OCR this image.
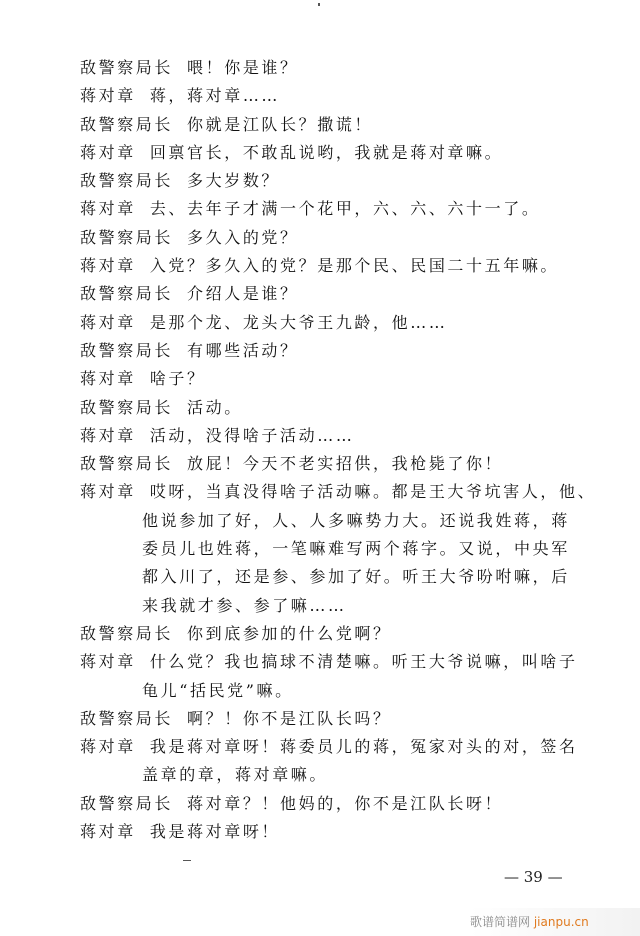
敌警察局长 喂！你是谁？
蒋对章 蒋，蒋对章……
敌警察局长 你就是江队长？撒谎！
蒋对章 回禀官长，不敢乱说哟，我就是蒋对章嘛。
敌警察局长 多大岁数？
蒋对章 去、去年子才满一个花甲，六、六、六十一了。
敌警察局长 多久入的党？
蒋对章 入党？多久入的党？是那个民、民国二十五年嘛。
敌警察局长 介绍人是谁？
蒋对章 是那个龙、龙头大爷王九龄，他……
敌警察局长 有哪些活动？
蒋对章 啥子？
敌警察局长 活动。
蒋对章 活动，没得啥子活动……
敌警察局长 放屁！今天不老实招供，我枪毙了你！
蒋对章 哎呀，当真没得啥子活动嘛。都是王大爷坑害人，他、
他说参加了好，人、人多嘛势力大。还说我姓蒋，蒋
委员儿也姓蒋，一笔嘛难写两个蒋字。又说，中央军
都入川了，还是参、参加了好。听王大爷吩咐嘛，后
来我就才参、参了嘛……
敌警察局长 你到底参加的什么党啊？
蒋对章 什么党？我也搞球不清楚嘛。听王大爷说嘛，叫啥子
龟儿“括民党”嘛。
敌警察局长 啊？！你不是江队长吗？
蒋对章 我是蒋对章呀！蒋委员儿的蒋，冤家对头的对，签名
盖章的章，蒋对章嘛。
敌警察局长 蒋对章？！他妈的，你不是江队长呀！
蒋对章 我是蒋对章呀！
— 39 —
歌谱简谱网 jianpu.cn
